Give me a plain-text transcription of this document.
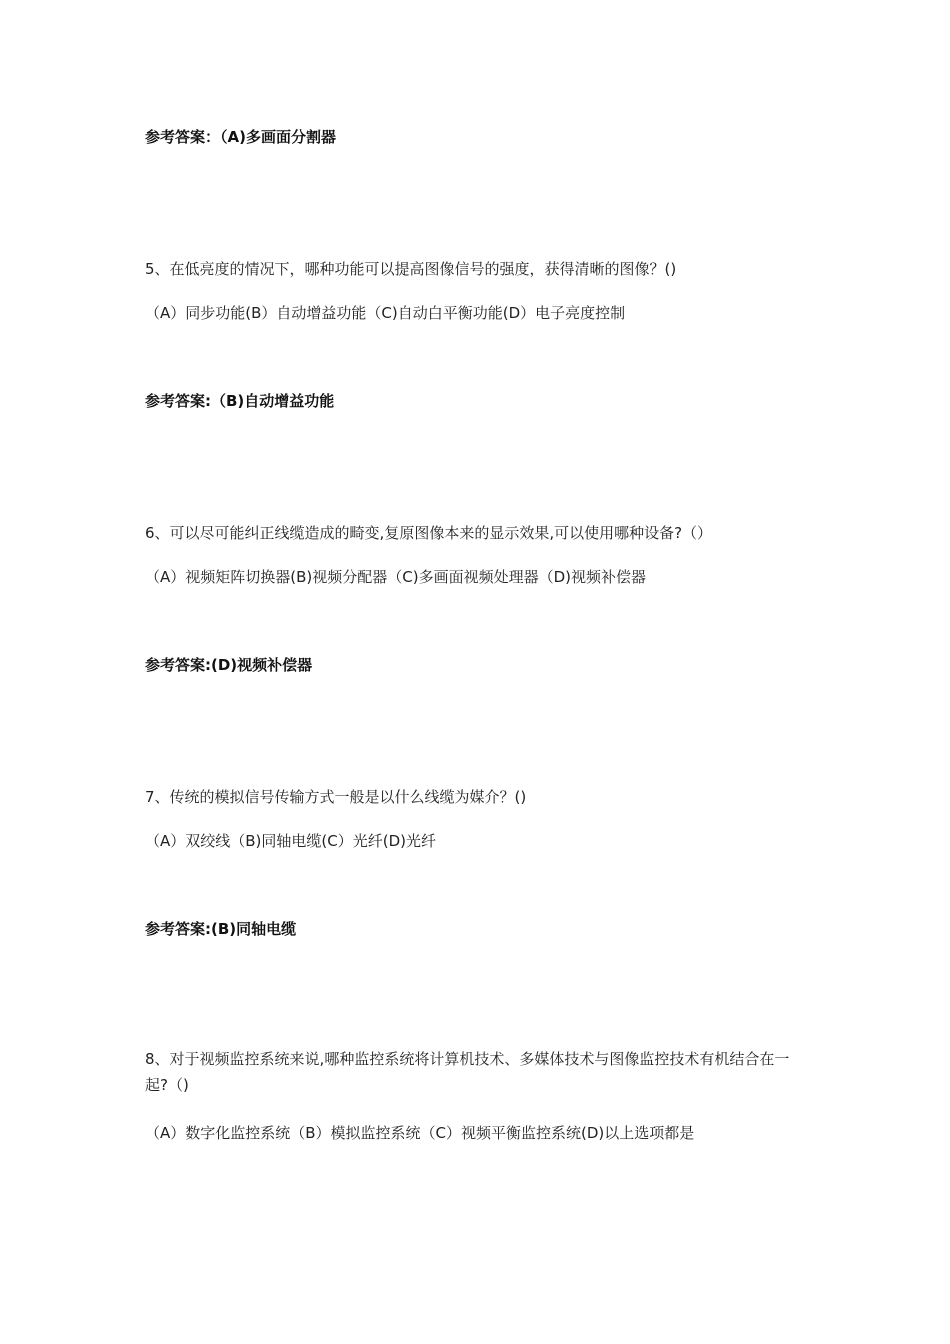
参考答案：（A)多画面分割器
5、在低亮度的情况下，哪种功能可以提高图像信号的强度，获得清晰的图像？()
（A）同步功能(B）自动增益功能（C)自动白平衡功能(D）电子亮度控制
参考答案:（B)自动增益功能
6、可以尽可能纠正线缆造成的畸变,复原图像本来的显示效果,可以使用哪种设备?（）
（A）视频矩阵切换器(B)视频分配器（C)多画面视频处理器（D)视频补偿器
参考答案:(D)视频补偿器
7、传统的模拟信号传输方式一般是以什么线缆为媒介？()
（A）双绞线（B)同轴电缆(C）光纤(D)光纤
参考答案:(B)同轴电缆
8、对于视频监控系统来说,哪种监控系统将计算机技术、多媒体技术与图像监控技术有机结合在一起?（)
（A）数字化监控系统（B）模拟监控系统（C）视频平衡监控系统(D)以上选项都是
